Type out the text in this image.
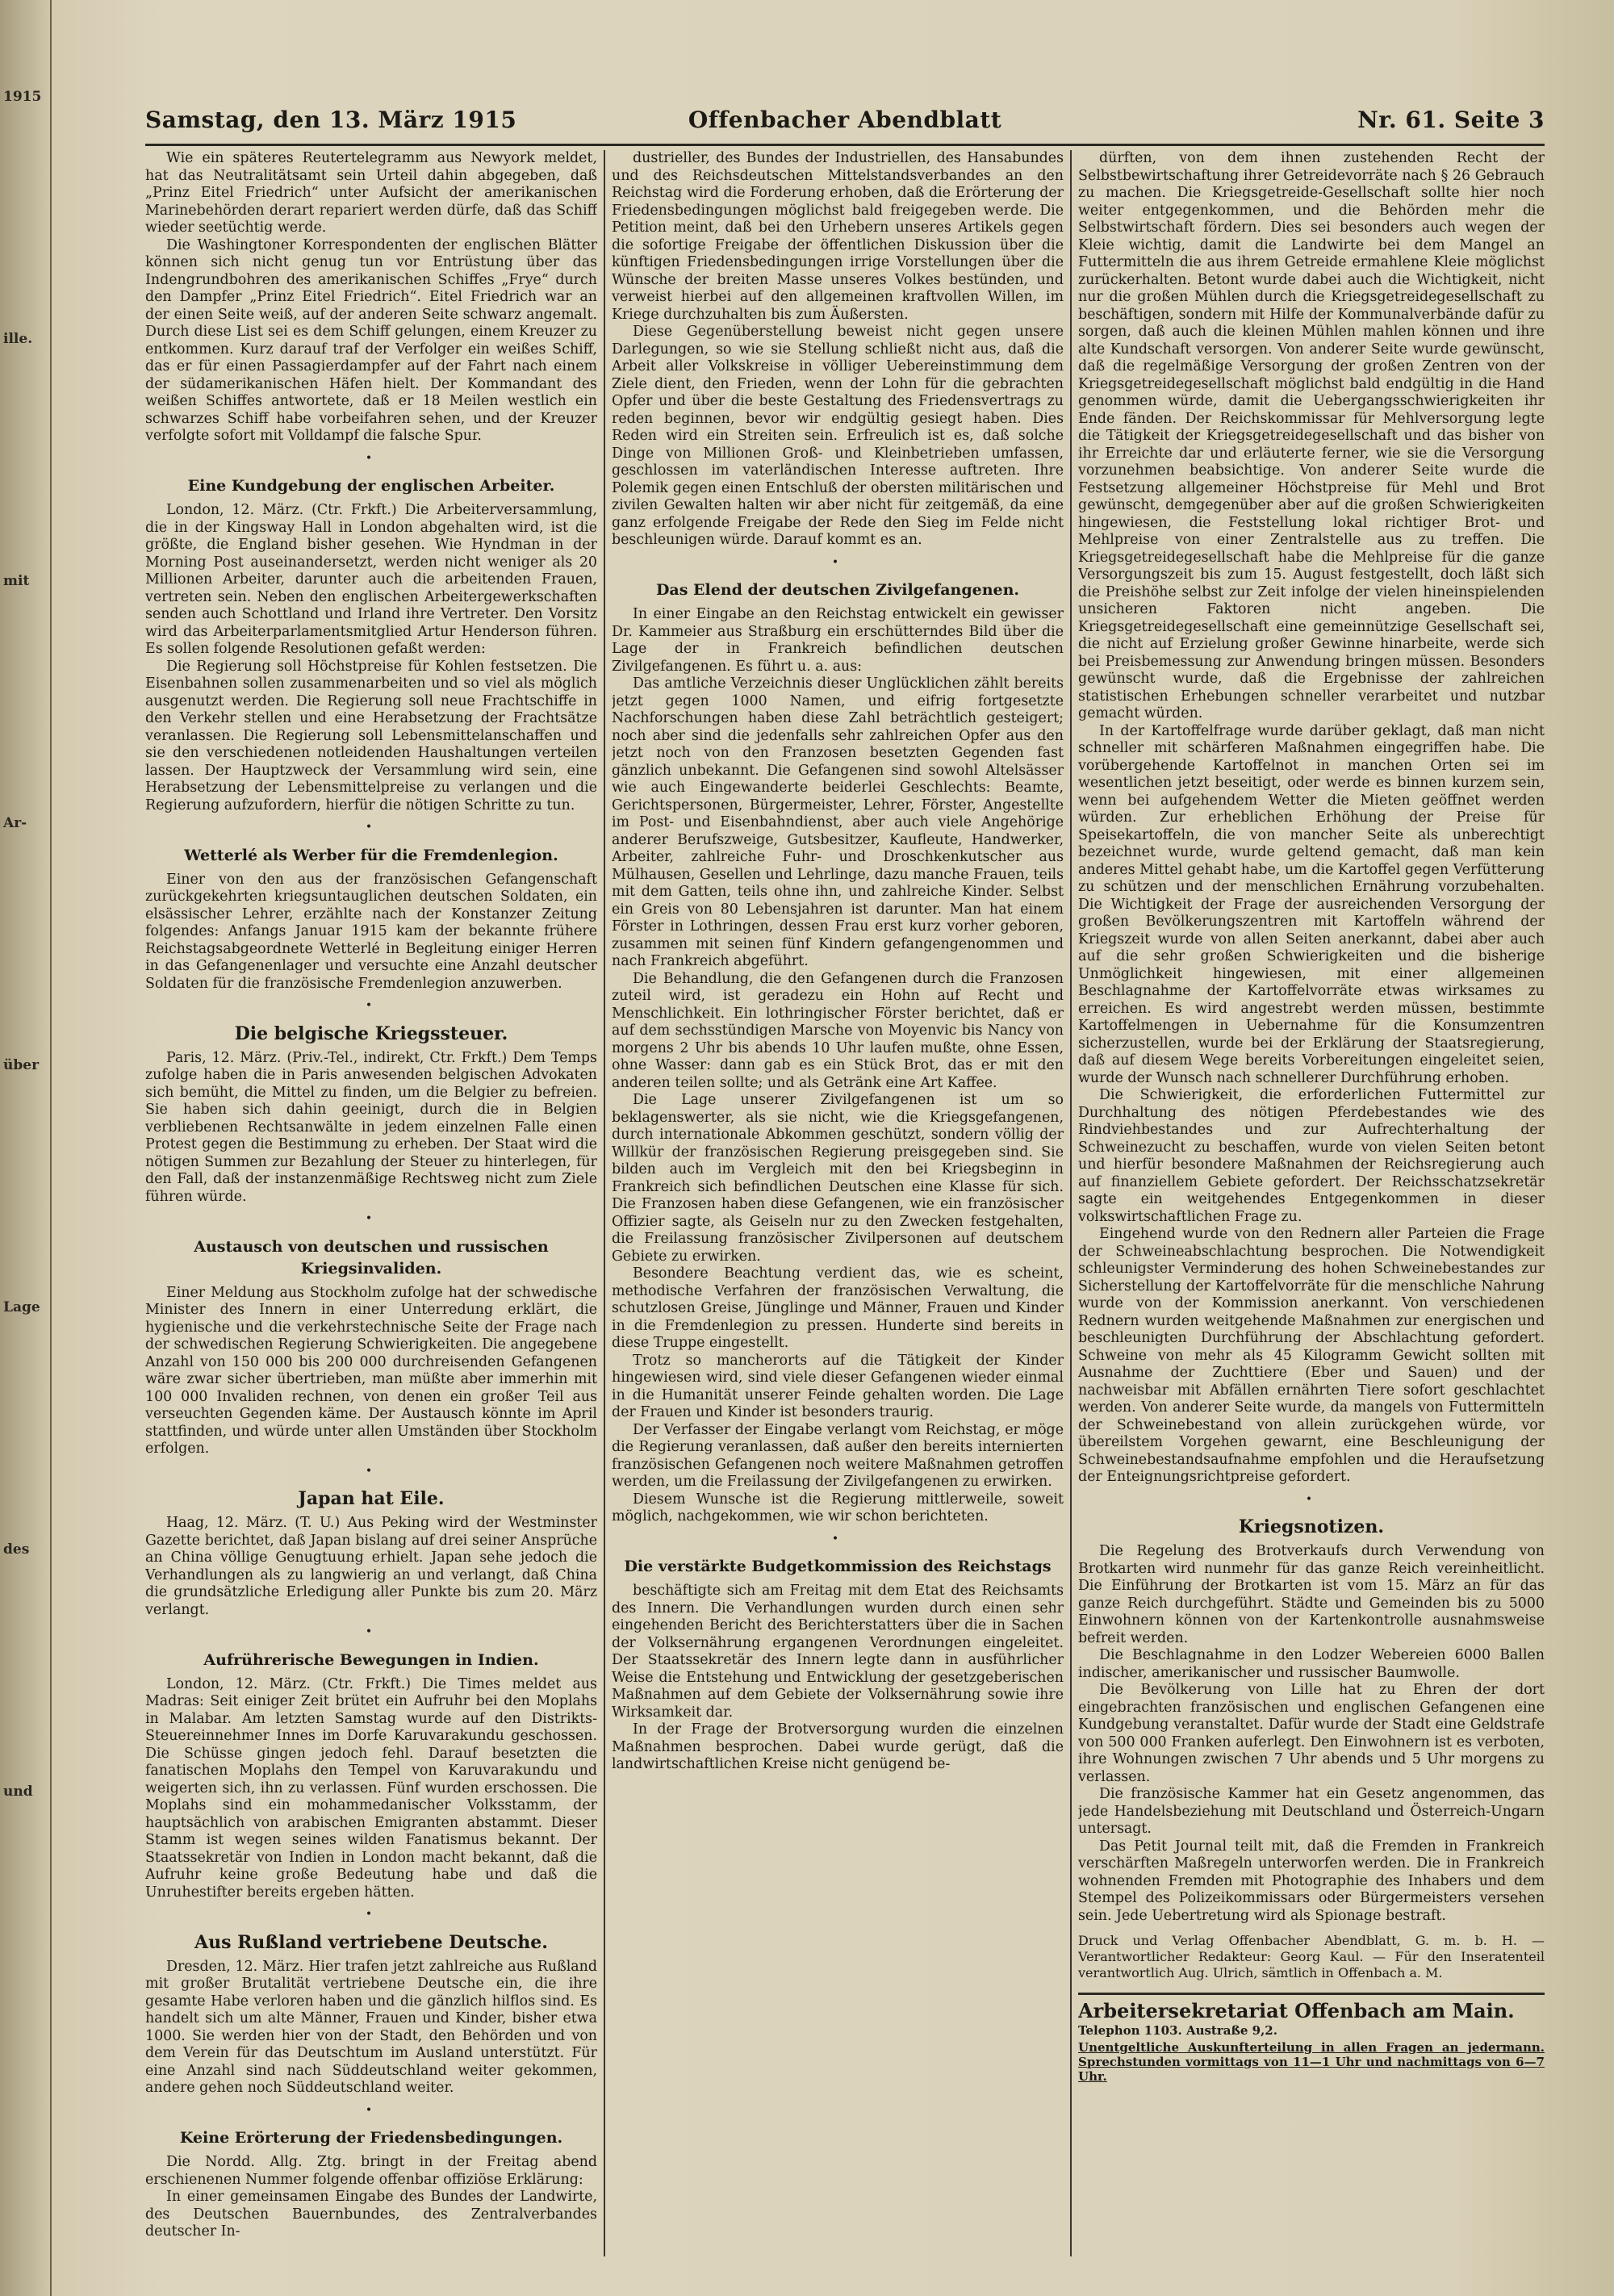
1915
ille.
mit
Ar-
über
Lage
des
und
Samstag, den 13. März 1915	Offenbacher Abendblatt	Nr. 61. Seite 3

Wie ein späteres Reutertelegramm aus Newyork meldet, hat das Neutralitätsamt sein Urteil dahin abgegeben, daß „Prinz Eitel Friedrich“ unter Aufsicht der amerikanischen Marinebehörden derart repariert werden dürfe, daß das Schiff wieder seetüchtig werde.

Die Washingtoner Korrespondenten der englischen Blätter können sich nicht genug tun vor Entrüstung über das Indengrundbohren des amerikanischen Schiffes „Frye“ durch den Dampfer „Prinz Eitel Friedrich“. Eitel Friedrich war an der einen Seite weiß, auf der anderen Seite schwarz angemalt. Durch diese List sei es dem Schiff gelungen, einem Kreuzer zu entkommen. Kurz darauf traf der Verfolger ein weißes Schiff, das er für einen Passagierdampfer auf der Fahrt nach einem der südamerikanischen Häfen hielt. Der Kommandant des weißen Schiffes antwortete, daß er 18 Meilen westlich ein schwarzes Schiff habe vorbeifahren sehen, und der Kreuzer verfolgte sofort mit Volldampf die falsche Spur.

•
Eine Kundgebung der englischen Arbeiter.

London, 12. März. (Ctr. Frkft.) Die Arbeiterversammlung, die in der Kingsway Hall in London abgehalten wird, ist die größte, die England bisher gesehen. Wie Hyndman in der Morning Post auseinandersetzt, werden nicht weniger als 20 Millionen Arbeiter, darunter auch die arbeitenden Frauen, vertreten sein. Neben den englischen Arbeitergewerkschaften senden auch Schottland und Irland ihre Vertreter. Den Vorsitz wird das Arbeiterparlamentsmitglied Artur Henderson führen. Es sollen folgende Resolutionen gefaßt werden:

Die Regierung soll Höchstpreise für Kohlen festsetzen. Die Eisenbahnen sollen zusammenarbeiten und so viel als möglich ausgenutzt werden. Die Regierung soll neue Frachtschiffe in den Verkehr stellen und eine Herabsetzung der Frachtsätze veranlassen. Die Regierung soll Lebensmittelanschaffen und sie den verschiedenen notleidenden Haushaltungen verteilen lassen. Der Hauptzweck der Versammlung wird sein, eine Herabsetzung der Lebensmittelpreise zu verlangen und die Regierung aufzufordern, hierfür die nötigen Schritte zu tun.

•
Wetterlé als Werber für die Fremdenlegion.

Einer von den aus der französischen Gefangenschaft zurückgekehrten kriegsuntauglichen deutschen Soldaten, ein elsässischer Lehrer, erzählte nach der Konstanzer Zeitung folgendes: Anfangs Januar 1915 kam der bekannte frühere Reichstagsabgeordnete Wetterlé in Begleitung einiger Herren in das Gefangenenlager und versuchte eine Anzahl deutscher Soldaten für die französische Fremdenlegion anzuwerben.

•
Die belgische Kriegssteuer.

Paris, 12. März. (Priv.-Tel., indirekt, Ctr. Frkft.) Dem Temps zufolge haben die in Paris anwesenden belgischen Advokaten sich bemüht, die Mittel zu finden, um die Belgier zu befreien. Sie haben sich dahin geeinigt, durch die in Belgien verbliebenen Rechtsanwälte in jedem einzelnen Falle einen Protest gegen die Bestimmung zu erheben. Der Staat wird die nötigen Summen zur Bezahlung der Steuer zu hinterlegen, für den Fall, daß der instanzenmäßige Rechtsweg nicht zum Ziele führen würde.

•
Austausch von deutschen und russischen Kriegsinvaliden.

Einer Meldung aus Stockholm zufolge hat der schwedische Minister des Innern in einer Unterredung erklärt, die hygienische und die verkehrstechnische Seite der Frage nach der schwedischen Regierung Schwierigkeiten. Die angegebene Anzahl von 150 000 bis 200 000 durchreisenden Gefangenen wäre zwar sicher übertrieben, man müßte aber immerhin mit 100 000 Invaliden rechnen, von denen ein großer Teil aus verseuchten Gegenden käme. Der Austausch könnte im April stattfinden, und würde unter allen Umständen über Stockholm erfolgen.

•
Japan hat Eile.

Haag, 12. März. (T. U.) Aus Peking wird der Westminster Gazette berichtet, daß Japan bislang auf drei seiner Ansprüche an China völlige Genugtuung erhielt. Japan sehe jedoch die Verhandlungen als zu langwierig an und verlangt, daß China die grundsätzliche Erledigung aller Punkte bis zum 20. März verlangt.

•
Aufrührerische Bewegungen in Indien.

London, 12. März. (Ctr. Frkft.) Die Times meldet aus Madras: Seit einiger Zeit brütet ein Aufruhr bei den Moplahs in Malabar. Am letzten Samstag wurde auf den Distrikts-Steuereinnehmer Innes im Dorfe Karuvarakundu geschossen. Die Schüsse gingen jedoch fehl. Darauf besetzten die fanatischen Moplahs den Tempel von Karuvarakundu und weigerten sich, ihn zu verlassen. Fünf wurden erschossen. Die Moplahs sind ein mohammedanischer Volksstamm, der hauptsächlich von arabischen Emigranten abstammt. Dieser Stamm ist wegen seines wilden Fanatismus bekannt. Der Staatssekretär von Indien in London macht bekannt, daß die Aufruhr keine große Bedeutung habe und daß die Unruhestifter bereits ergeben hätten.

•
Aus Rußland vertriebene Deutsche.

Dresden, 12. März. Hier trafen jetzt zahlreiche aus Rußland mit großer Brutalität vertriebene Deutsche ein, die ihre gesamte Habe verloren haben und die gänzlich hilflos sind. Es handelt sich um alte Männer, Frauen und Kinder, bisher etwa 1000. Sie werden hier von der Stadt, den Behörden und von dem Verein für das Deutschtum im Ausland unterstützt. Für eine Anzahl sind nach Süddeutschland weiter gekommen, andere gehen noch Süddeutschland weiter.

•
Keine Erörterung der Friedensbedingungen.

Die Nordd. Allg. Ztg. bringt in der Freitag abend erschienenen Nummer folgende offenbar offiziöse Erklärung:

In einer gemeinsamen Eingabe des Bundes der Landwirte, des Deutschen Bauernbundes, des Zentralverbandes deutscher In-

dustrieller, des Bundes der Industriellen, des Hansabundes und des Reichsdeutschen Mittelstandsverbandes an den Reichstag wird die Forderung erhoben, daß die Erörterung der Friedensbedingungen möglichst bald freigegeben werde. Die Petition meint, daß bei den Urhebern unseres Artikels gegen die sofortige Freigabe der öffentlichen Diskussion über die künftigen Friedensbedingungen irrige Vorstellungen über die Wünsche der breiten Masse unseres Volkes bestünden, und verweist hierbei auf den allgemeinen kraftvollen Willen, im Kriege durchzuhalten bis zum Äußersten.

Diese Gegenüberstellung beweist nicht gegen unsere Darlegungen, so wie sie Stellung schließt nicht aus, daß die Arbeit aller Volkskreise in völliger Uebereinstimmung dem Ziele dient, den Frieden, wenn der Lohn für die gebrachten Opfer und über die beste Gestaltung des Friedensvertrags zu reden beginnen, bevor wir endgültig gesiegt haben. Dies Reden wird ein Streiten sein. Erfreulich ist es, daß solche Dinge von Millionen Groß- und Kleinbetrieben umfassen, geschlossen im vaterländischen Interesse auftreten. Ihre Polemik gegen einen Entschluß der obersten militärischen und zivilen Gewalten halten wir aber nicht für zeitgemäß, da eine ganz erfolgende Freigabe der Rede den Sieg im Felde nicht beschleunigen würde. Darauf kommt es an.

•
Das Elend der deutschen Zivilgefangenen.

In einer Eingabe an den Reichstag entwickelt ein gewisser Dr. Kammeier aus Straßburg ein erschütterndes Bild über die Lage der in Frankreich befindlichen deutschen Zivilgefangenen. Es führt u. a. aus:

Das amtliche Verzeichnis dieser Unglücklichen zählt bereits jetzt gegen 1000 Namen, und eifrig fortgesetzte Nachforschungen haben diese Zahl beträchtlich gesteigert; noch aber sind die jedenfalls sehr zahlreichen Opfer aus den jetzt noch von den Franzosen besetzten Gegenden fast gänzlich unbekannt. Die Gefangenen sind sowohl Altelsässer wie auch Eingewanderte beiderlei Geschlechts: Beamte, Gerichtspersonen, Bürgermeister, Lehrer, Förster, Angestellte im Post- und Eisenbahndienst, aber auch viele Angehörige anderer Berufszweige, Gutsbesitzer, Kaufleute, Handwerker, Arbeiter, zahlreiche Fuhr- und Droschkenkutscher aus Mülhausen, Gesellen und Lehrlinge, dazu manche Frauen, teils mit dem Gatten, teils ohne ihn, und zahlreiche Kinder. Selbst ein Greis von 80 Lebensjahren ist darunter. Man hat einem Förster in Lothringen, dessen Frau erst kurz vorher geboren, zusammen mit seinen fünf Kindern gefangengenommen und nach Frankreich abgeführt.

Die Behandlung, die den Gefangenen durch die Franzosen zuteil wird, ist geradezu ein Hohn auf Recht und Menschlichkeit. Ein lothringischer Förster berichtet, daß er auf dem sechsstündigen Marsche von Moyenvic bis Nancy von morgens 2 Uhr bis abends 10 Uhr laufen mußte, ohne Essen, ohne Wasser: dann gab es ein Stück Brot, das er mit den anderen teilen sollte; und als Getränk eine Art Kaffee.

Die Lage unserer Zivilgefangenen ist um so beklagenswerter, als sie nicht, wie die Kriegsgefangenen, durch internationale Abkommen geschützt, sondern völlig der Willkür der französischen Regierung preisgegeben sind. Sie bilden auch im Vergleich mit den bei Kriegsbeginn in Frankreich sich befindlichen Deutschen eine Klasse für sich. Die Franzosen haben diese Gefangenen, wie ein französischer Offizier sagte, als Geiseln nur zu den Zwecken festgehalten, die Freilassung französischer Zivilpersonen auf deutschem Gebiete zu erwirken.

Besondere Beachtung verdient das, wie es scheint, methodische Verfahren der französischen Verwaltung, die schutzlosen Greise, Jünglinge und Männer, Frauen und Kinder in die Fremdenlegion zu pressen. Hunderte sind bereits in diese Truppe eingestellt.

Trotz so mancherorts auf die Tätigkeit der Kinder hingewiesen wird, sind viele dieser Gefangenen wieder einmal in die Humanität unserer Feinde gehalten worden. Die Lage der Frauen und Kinder ist besonders traurig.

Der Verfasser der Eingabe verlangt vom Reichstag, er möge die Regierung veranlassen, daß außer den bereits internierten französischen Gefangenen noch weitere Maßnahmen getroffen werden, um die Freilassung der Zivilgefangenen zu erwirken.

Diesem Wunsche ist die Regierung mittlerweile, soweit möglich, nachgekommen, wie wir schon berichteten.

•
Die verstärkte Budgetkommission des Reichstags

beschäftigte sich am Freitag mit dem Etat des Reichsamts des Innern. Die Verhandlungen wurden durch einen sehr eingehenden Bericht des Berichterstatters über die in Sachen der Volksernährung ergangenen Verordnungen eingeleitet. Der Staatssekretär des Innern legte dann in ausführlicher Weise die Entstehung und Entwicklung der gesetzgeberischen Maßnahmen auf dem Gebiete der Volksernährung sowie ihre Wirksamkeit dar.

In der Frage der Brotversorgung wurden die einzelnen Maßnahmen besprochen. Dabei wurde gerügt, daß die landwirtschaftlichen Kreise nicht genügend be-

dürften, von dem ihnen zustehenden Recht der Selbstbewirtschaftung ihrer Getreidevorräte nach § 26 Gebrauch zu machen. Die Kriegsgetreide-Gesellschaft sollte hier noch weiter entgegenkommen, und die Behörden mehr die Selbstwirtschaft fördern. Dies sei besonders auch wegen der Kleie wichtig, damit die Landwirte bei dem Mangel an Futtermitteln die aus ihrem Getreide ermahlene Kleie möglichst zurückerhalten. Betont wurde dabei auch die Wichtigkeit, nicht nur die großen Mühlen durch die Kriegsgetreidegesellschaft zu beschäftigen, sondern mit Hilfe der Kommunalverbände dafür zu sorgen, daß auch die kleinen Mühlen mahlen können und ihre alte Kundschaft versorgen. Von anderer Seite wurde gewünscht, daß die regelmäßige Versorgung der großen Zentren von der Kriegsgetreidegesellschaft möglichst bald endgültig in die Hand genommen würde, damit die Uebergangsschwierigkeiten ihr Ende fänden. Der Reichskommissar für Mehlversorgung legte die Tätigkeit der Kriegsgetreidegesellschaft und das bisher von ihr Erreichte dar und erläuterte ferner, wie sie die Versorgung vorzunehmen beabsichtige. Von anderer Seite wurde die Festsetzung allgemeiner Höchstpreise für Mehl und Brot gewünscht, demgegenüber aber auf die großen Schwierigkeiten hingewiesen, die Feststellung lokal richtiger Brot- und Mehlpreise von einer Zentralstelle aus zu treffen. Die Kriegsgetreidegesellschaft habe die Mehlpreise für die ganze Versorgungszeit bis zum 15. August festgestellt, doch läßt sich die Preishöhe selbst zur Zeit infolge der vielen hineinspielenden unsicheren Faktoren nicht angeben. Die Kriegsgetreidegesellschaft eine gemeinnützige Gesellschaft sei, die nicht auf Erzielung großer Gewinne hinarbeite, werde sich bei Preisbemessung zur Anwendung bringen müssen. Besonders gewünscht wurde, daß die Ergebnisse der zahlreichen statistischen Erhebungen schneller verarbeitet und nutzbar gemacht würden.

In der Kartoffelfrage wurde darüber geklagt, daß man nicht schneller mit schärferen Maßnahmen eingegriffen habe. Die vorübergehende Kartoffelnot in manchen Orten sei im wesentlichen jetzt beseitigt, oder werde es binnen kurzem sein, wenn bei aufgehendem Wetter die Mieten geöffnet werden würden. Zur erheblichen Erhöhung der Preise für Speisekartoffeln, die von mancher Seite als unberechtigt bezeichnet wurde, wurde geltend gemacht, daß man kein anderes Mittel gehabt habe, um die Kartoffel gegen Verfütterung zu schützen und der menschlichen Ernährung vorzubehalten. Die Wichtigkeit der Frage der ausreichenden Versorgung der großen Bevölkerungszentren mit Kartoffeln während der Kriegszeit wurde von allen Seiten anerkannt, dabei aber auch auf die sehr großen Schwierigkeiten und die bisherige Unmöglichkeit hingewiesen, mit einer allgemeinen Beschlagnahme der Kartoffelvorräte etwas wirksames zu erreichen. Es wird angestrebt werden müssen, bestimmte Kartoffelmengen in Uebernahme für die Konsumzentren sicherzustellen, wurde bei der Erklärung der Staatsregierung, daß auf diesem Wege bereits Vorbereitungen eingeleitet seien, wurde der Wunsch nach schnellerer Durchführung erhoben.

Die Schwierigkeit, die erforderlichen Futtermittel zur Durchhaltung des nötigen Pferdebestandes wie des Rindviehbestandes und zur Aufrechterhaltung der Schweinezucht zu beschaffen, wurde von vielen Seiten betont und hierfür besondere Maßnahmen der Reichsregierung auch auf finanziellem Gebiete gefordert. Der Reichsschatzsekretär sagte ein weitgehendes Entgegenkommen in dieser volkswirtschaftlichen Frage zu.

Eingehend wurde von den Rednern aller Parteien die Frage der Schweineabschlachtung besprochen. Die Notwendigkeit schleunigster Verminderung des hohen Schweinebestandes zur Sicherstellung der Kartoffelvorräte für die menschliche Nahrung wurde von der Kommission anerkannt. Von verschiedenen Rednern wurden weitgehende Maßnahmen zur energischen und beschleunigten Durchführung der Abschlachtung gefordert. Schweine von mehr als 45 Kilogramm Gewicht sollten mit Ausnahme der Zuchttiere (Eber und Sauen) und der nachweisbar mit Abfällen ernährten Tiere sofort geschlachtet werden. Von anderer Seite wurde, da mangels von Futtermitteln der Schweinebestand von allein zurückgehen würde, vor übereilstem Vorgehen gewarnt, eine Beschleunigung der Schweinebestandsaufnahme empfohlen und die Heraufsetzung der Enteignungsrichtpreise gefordert.

•
Kriegsnotizen.

Die Regelung des Brotverkaufs durch Verwendung von Brotkarten wird nunmehr für das ganze Reich vereinheitlicht. Die Einführung der Brotkarten ist vom 15. März an für das ganze Reich durchgeführt. Städte und Gemeinden bis zu 5000 Einwohnern können von der Kartenkontrolle ausnahmsweise befreit werden.

Die Beschlagnahme in den Lodzer Webereien 6000 Ballen indischer, amerikanischer und russischer Baumwolle.

Die Bevölkerung von Lille hat zu Ehren der dort eingebrachten französischen und englischen Gefangenen eine Kundgebung veranstaltet. Dafür wurde der Stadt eine Geldstrafe von 500 000 Franken auferlegt. Den Einwohnern ist es verboten, ihre Wohnungen zwischen 7 Uhr abends und 5 Uhr morgens zu verlassen.

Die französische Kammer hat ein Gesetz angenommen, das jede Handelsbeziehung mit Deutschland und Österreich-Ungarn untersagt.

Das Petit Journal teilt mit, daß die Fremden in Frankreich verschärften Maßregeln unterworfen werden. Die in Frankreich wohnenden Fremden mit Photographie des Inhabers und dem Stempel des Polizeikommissars oder Bürgermeisters versehen sein. Jede Uebertretung wird als Spionage bestraft.

Druck und Verlag Offenbacher Abendblatt, G. m. b. H. — Verantwortlicher Redakteur: Georg Kaul. — Für den Inseratenteil verantwortlich Aug. Ulrich, sämtlich in Offenbach a. M.
Arbeitersekretariat Offenbach am Main.
Telephon 1103. Austraße 9,2.
Unentgeltliche Auskunfterteilung in allen Fragen an jedermann. Sprechstunden vormittags von 11—1 Uhr und nachmittags von 6—7 Uhr.
